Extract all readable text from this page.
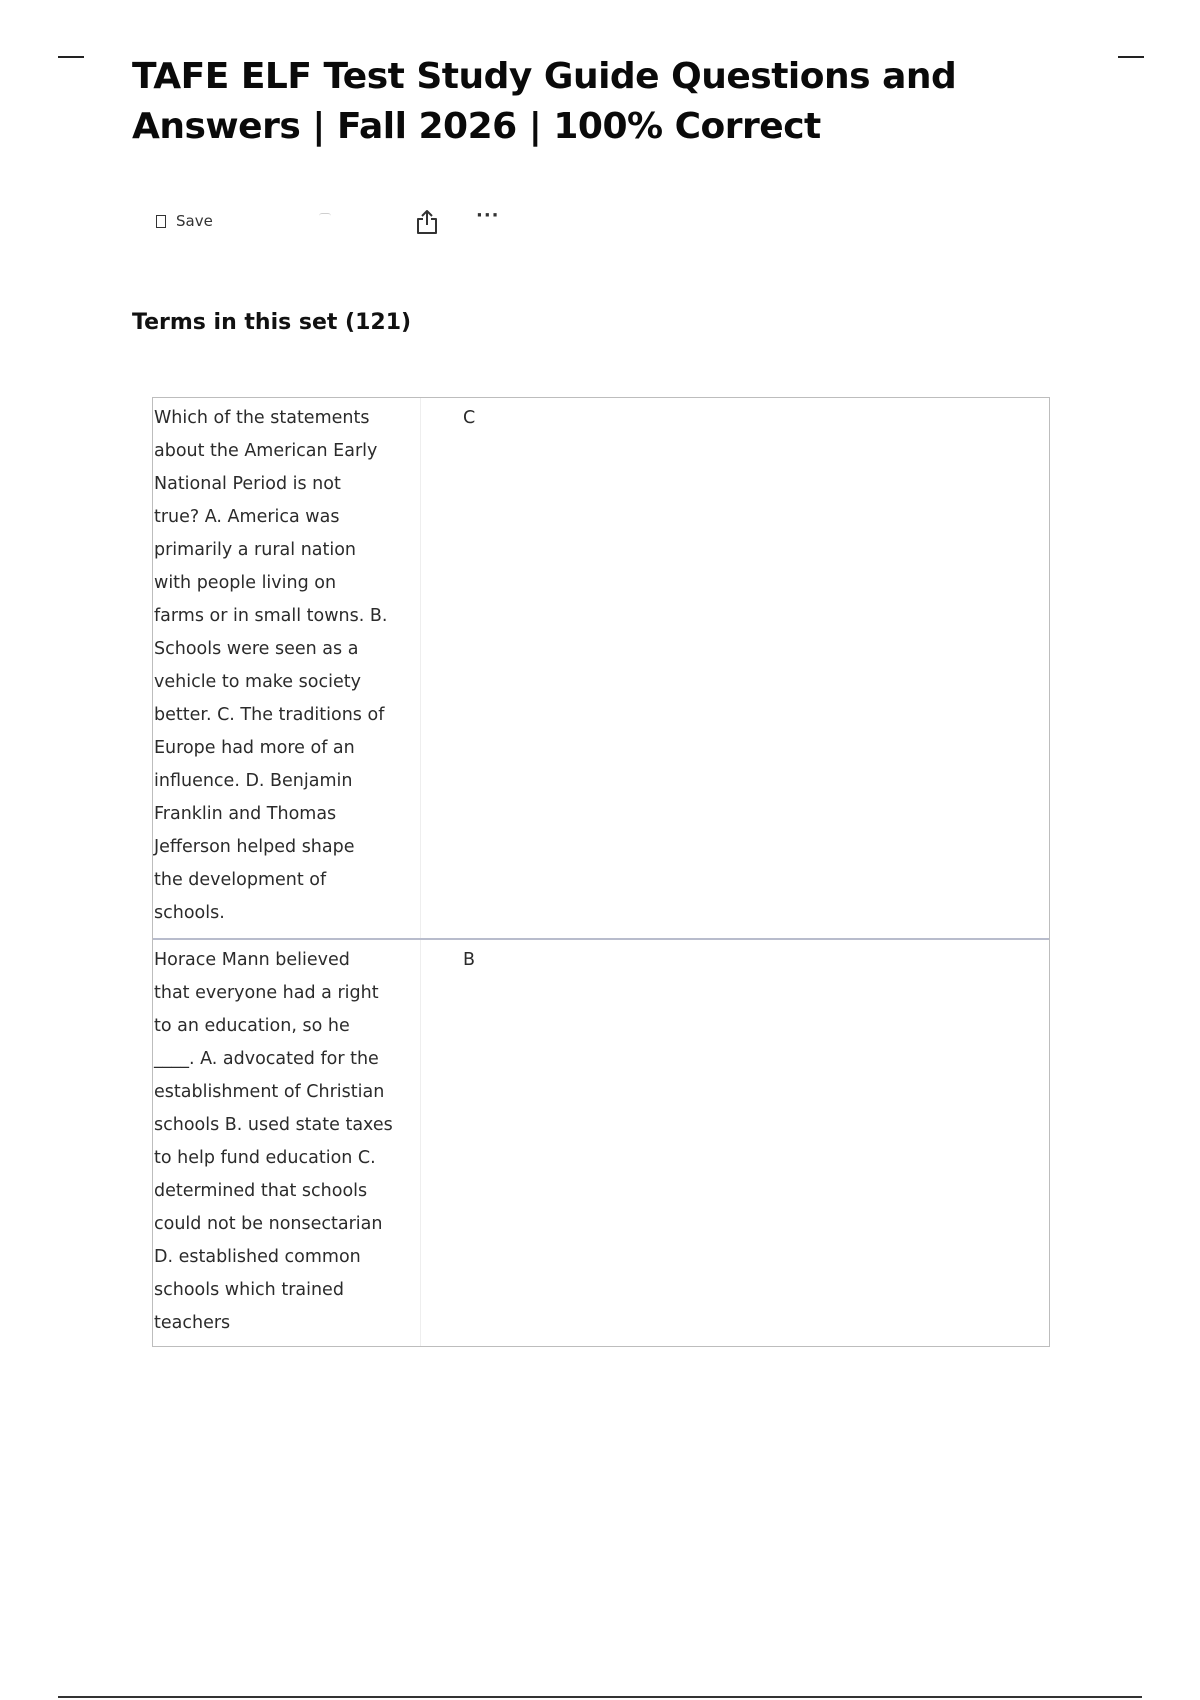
TAFE ELF Test Study Guide Questions and Answers | Fall 2026 | 100% Correct
Save	···
Terms in this set (121)
Which of the statements
about the American Early
National Period is not
true? A. America was
primarily a rural nation
with people living on
farms or in small towns. B.
Schools were seen as a
vehicle to make society
better. C. The traditions of
Europe had more of an
influence. D. Benjamin
Franklin and Thomas
Jefferson helped shape
the development of
schools.
C
Horace Mann believed
that everyone had a right
to an education, so he
____. A. advocated for the
establishment of Christian
schools B. used state taxes
to help fund education C.
determined that schools
could not be nonsectarian
D. established common
schools which trained
teachers
B
